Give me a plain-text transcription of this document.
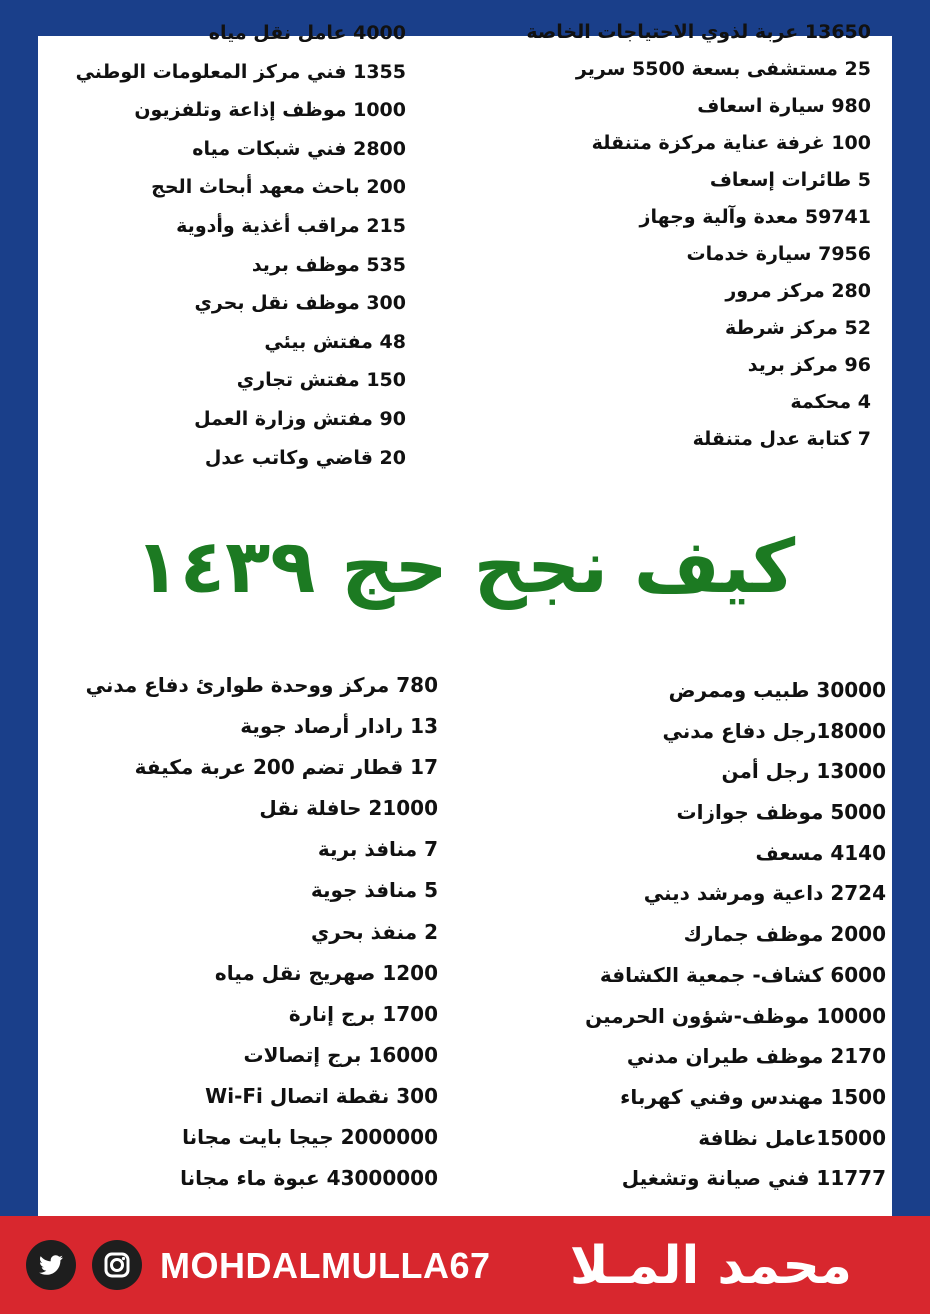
13650 عربة لذوي الاحتياجات الخاصة
25 مستشفى بسعة 5500 سرير
980 سيارة اسعاف
100 غرفة عناية مركزة متنقلة
5 طائرات إسعاف
59741 معدة وآلية وجهاز
7956 سيارة خدمات
280 مركز مرور
52 مركز شرطة
96 مركز بريد
4 محكمة
7 كتابة عدل متنقلة
4000 عامل نقل مياه
1355 فني مركز المعلومات الوطني
1000 موظف إذاعة وتلفزيون
2800 فني شبكات مياه
200 باحث معهد أبحاث الحج
215 مراقب أغذية وأدوية
535 موظف بريد
300 موظف نقل بحري
48 مفتش بيئي
150 مفتش تجاري
90 مفتش وزارة العمل
20 قاضي وكاتب عدل
كيف نجح حج ١٤٣٩
30000 طبيب وممرض
18000رجل دفاع مدني
13000 رجل أمن
5000 موظف جوازات
4140 مسعف
2724 داعية ومرشد ديني
2000 موظف جمارك
6000 كشاف- جمعية الكشافة
10000 موظف-شؤون الحرمين
2170 موظف طيران مدني
1500 مهندس وفني كهرباء
15000عامل نظافة
11777 فني صيانة وتشغيل
780 مركز ووحدة طوارئ دفاع مدني
13 رادار أرصاد جوية
17 قطار تضم 200 عربة مكيفة
21000 حافلة نقل
7 منافذ برية
5 منافذ جوية
2 منفذ بحري
1200 صهريج نقل مياه
1700 برج إنارة
16000 برج إتصالات
300 نقطة اتصال Wi-Fi
2000000 جيجا بايت مجانا
43000000 عبوة ماء مجانا
محمد المـلا
MOHDALMULLA67
